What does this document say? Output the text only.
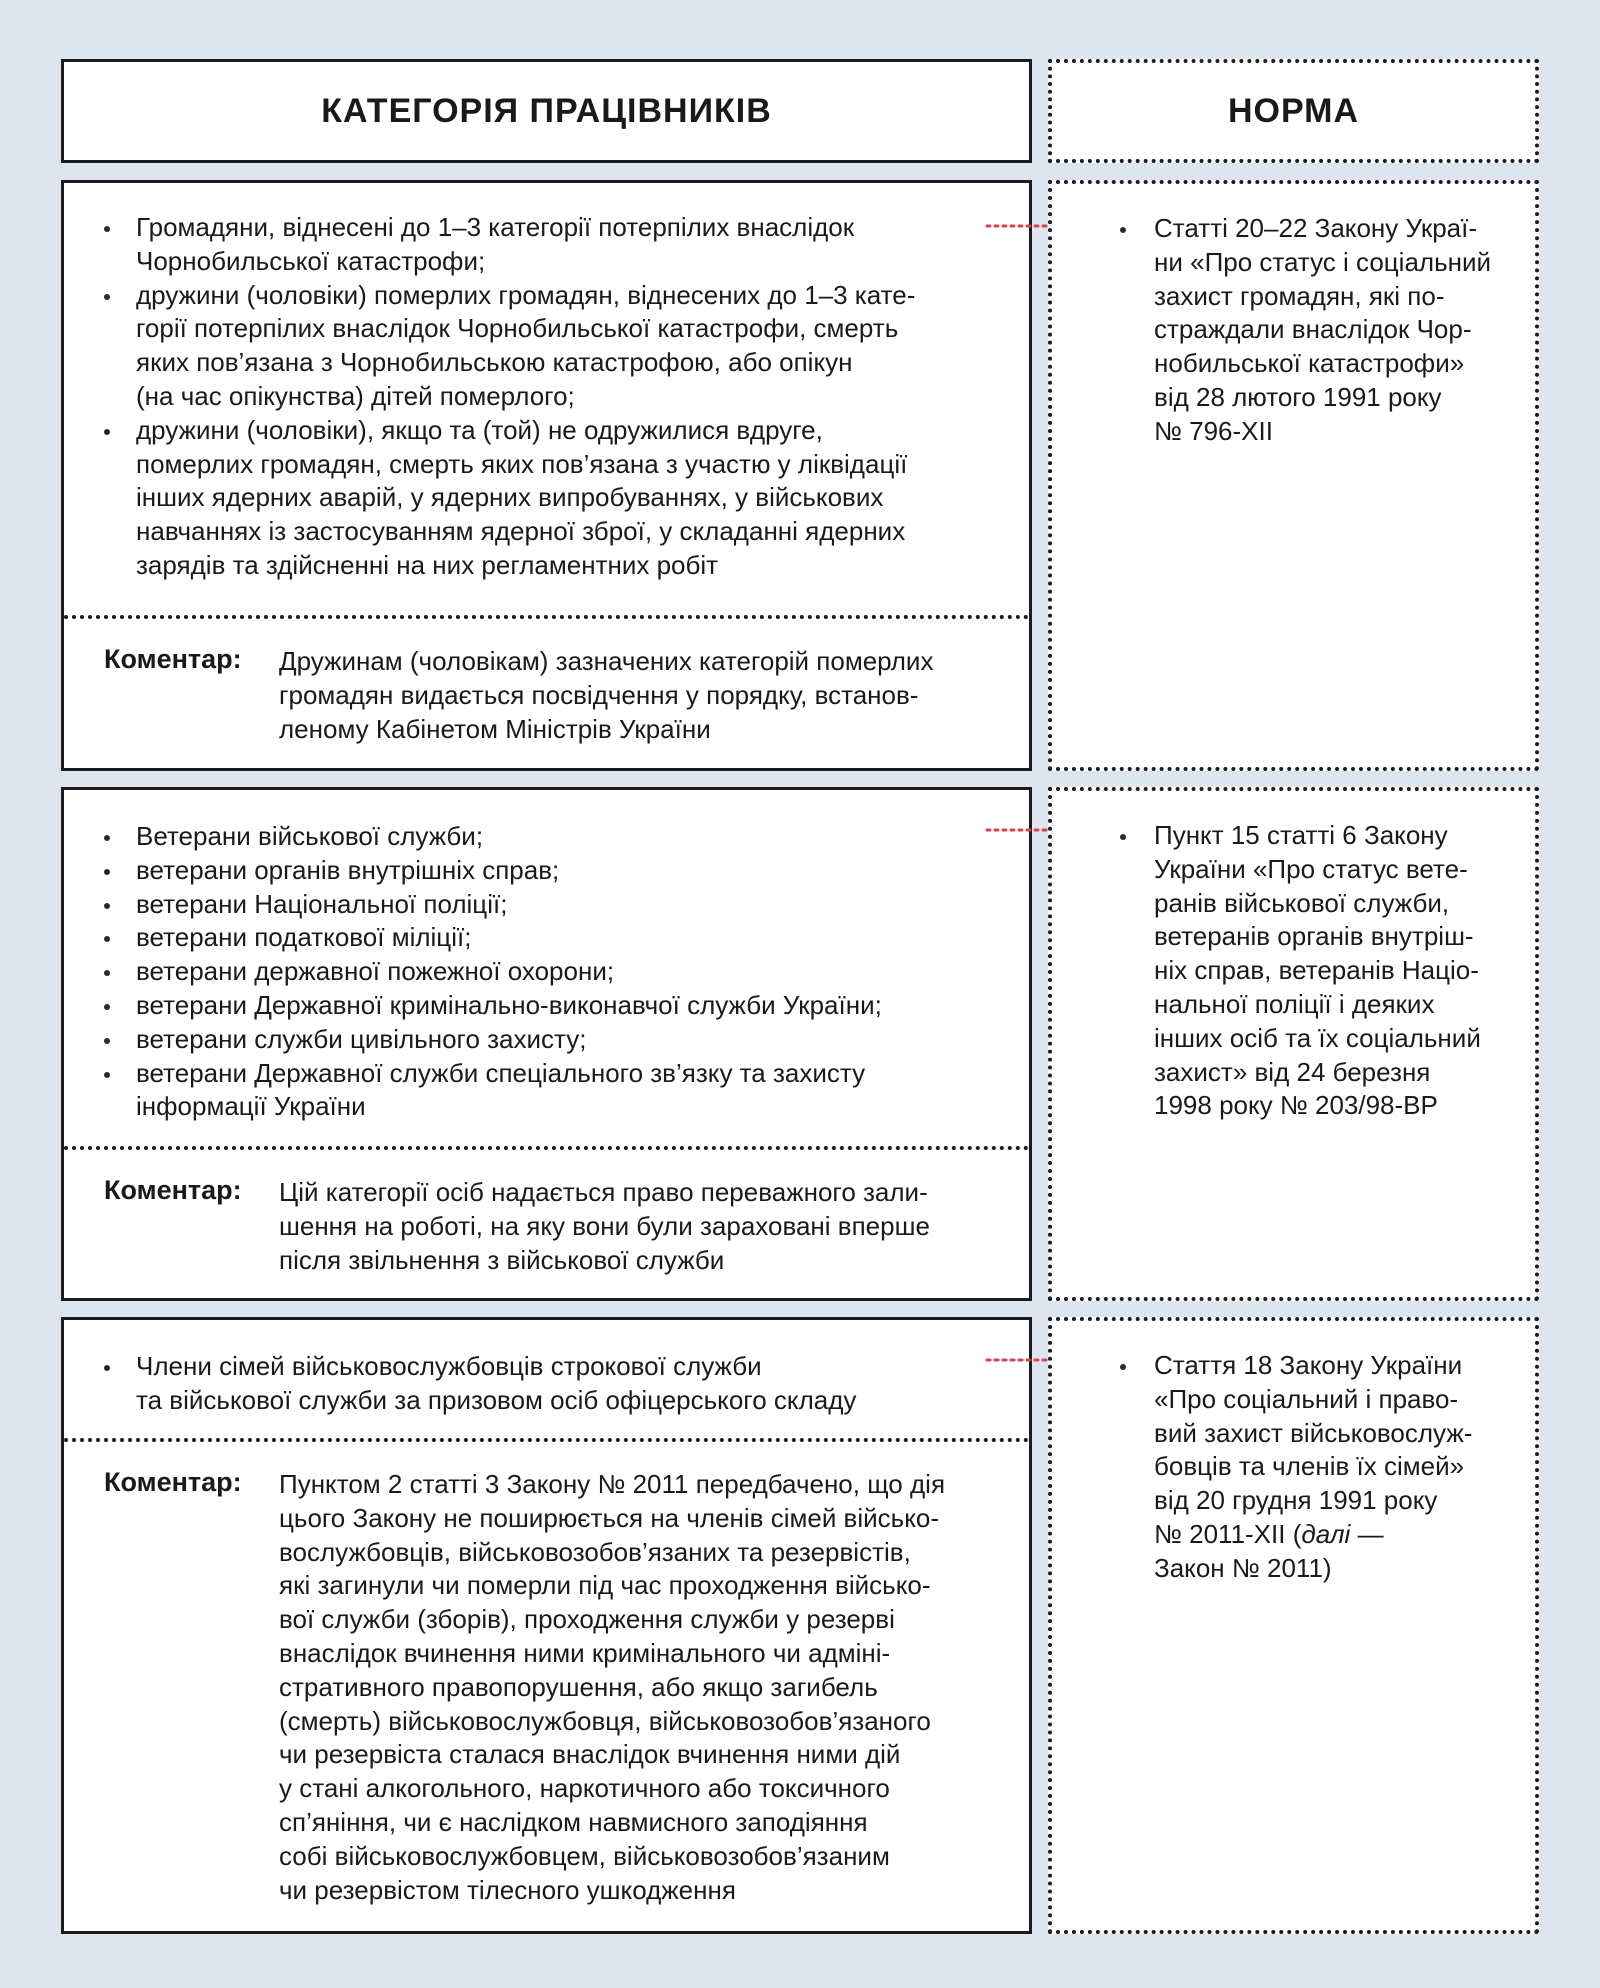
КАТЕГОРІЯ ПРАЦІВНИКІВ	НОРМА
Громадяни, віднесені до 1–3 категорії потерпілих внаслідок
Чорнобильської катастрофи;
дружини (чоловіки) померлих громадян, віднесених до 1–3 кате-
горії потерпілих внаслідок Чорнобильської катастрофи, смерть
яких пов’язана з Чорнобильською катастрофою, або опікун
(на час опікунства) дітей померлого;
дружини (чоловіки), якщо та (той) не одружилися вдруге,
померлих громадян, смерть яких пов’язана з участю у ліквідації
інших ядерних аварій, у ядерних випробуваннях, у військових
навчаннях із застосуванням ядерної зброї, у складанні ядерних
зарядів та здійсненні на них регламентних робіт
Коментар: Дружинам (чоловікам) зазначених категорій померлих
громадян видається посвідчення у порядку, встанов-
леному Кабінетом Міністрів України
Статті 20–22 Закону Украї-
ни «Про статус і соціальний
захист громадян, які по-
страждали внаслідок Чор-
нобильської катастрофи»
від 28 лютого 1991 року
№ 796-XII
Ветерани військової служби;
ветерани органів внутрішніх справ;
ветерани Національної поліції;
ветерани податкової міліції;
ветерани державної пожежної охорони;
ветерани Державної кримінально-виконавчої служби України;
ветерани служби цивільного захисту;
ветерани Державної служби спеціального зв’язку та захисту
інформації України
Коментар: Цій категорії осіб надається право переважного зали-
шення на роботі, на яку вони були зараховані вперше
після звільнення з військової служби
Пункт 15 статті 6 Закону
України «Про статус вете-
ранів військової служби,
ветеранів органів внутріш-
ніх справ, ветеранів Націо-
нальної поліції і деяких
інших осіб та їх соціальний
захист» від 24 березня
1998 року № 203/98-ВР
Члени сімей військовослужбовців строкової служби
та військової служби за призовом осіб офіцерського складу
Коментар: Пунктом 2 статті 3 Закону № 2011 передбачено, що дія
цього Закону не поширюється на членів сімей військо-
вослужбовців, військовозобов’язаних та резервістів,
які загинули чи померли під час проходження військо-
вої служби (зборів), проходження служби у резерві
внаслідок вчинення ними кримінального чи адміні-
стративного правопорушення, або якщо загибель
(смерть) військовослужбовця, військовозобов’язаного
чи резервіста сталася внаслідок вчинення ними дій
у стані алкогольного, наркотичного або токсичного
сп’яніння, чи є наслідком навмисного заподіяння
собі військовослужбовцем, військовозобов’язаним
чи резервістом тілесного ушкодження
Стаття 18 Закону України
«Про соціальний і право-
вий захист військовослуж-
бовців та членів їх сімей»
від 20 грудня 1991 року
№ 2011-XII (далі —
Закон № 2011)
